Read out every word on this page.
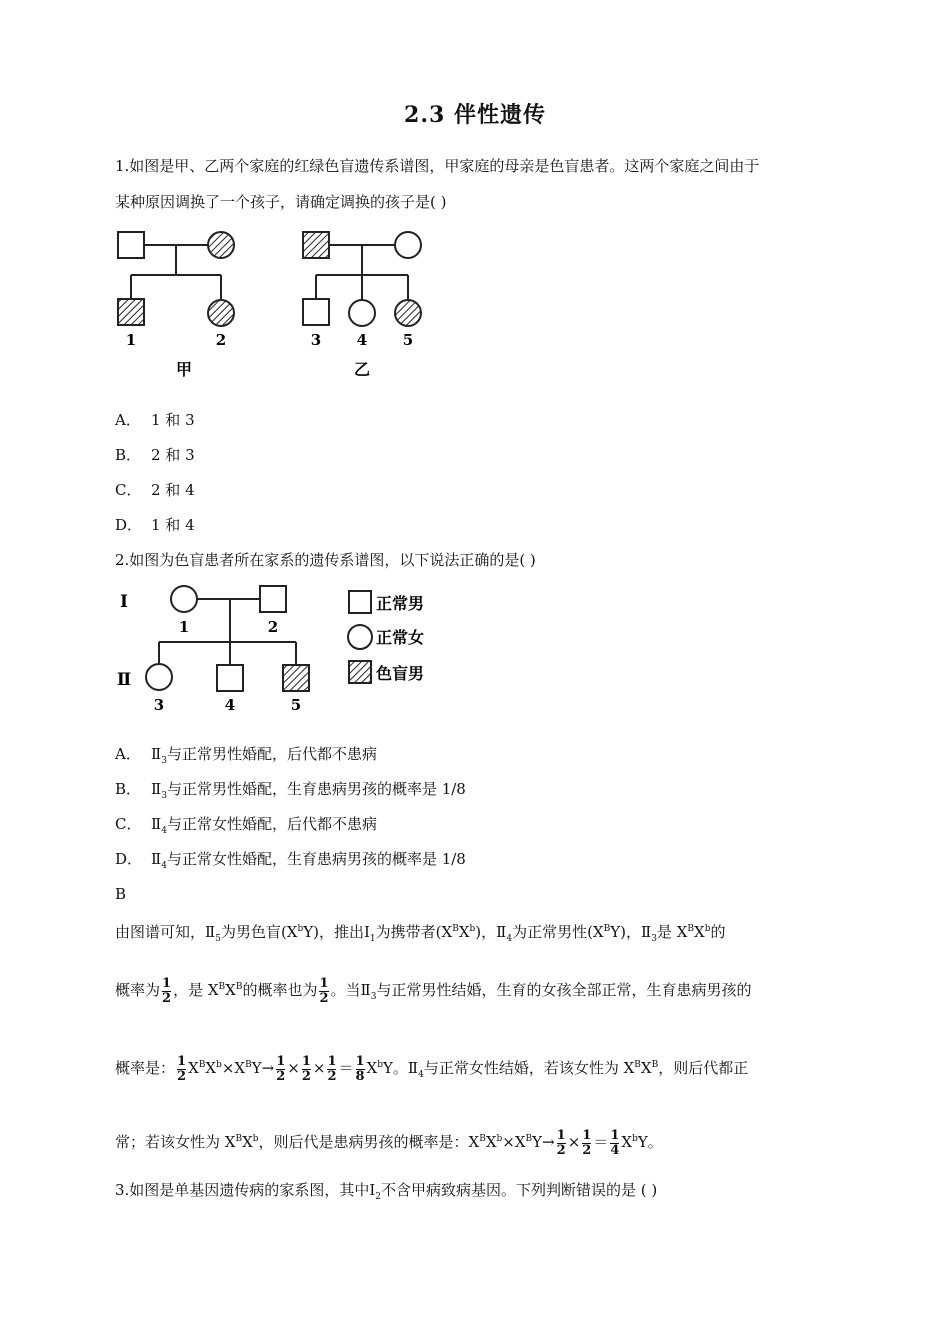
2.3 伴性遗传
1.如图是甲、乙两个家庭的红绿色盲遗传系谱图，甲家庭的母亲是色盲患者。这两个家庭之间由于
某种原因调换了一个孩子，请确定调换的孩子是( )
1	2
甲
3 4 5
乙
A． 1 和 3
B． 2 和 3
C． 2 和 4
D． 1 和 4
2.如图为色盲患者所在家系的遗传系谱图，以下说法正确的是( )
Ⅰ
1	2
Ⅱ
3	4	5
正常男
正常女
色盲男
A． $Ⅱ_3$与正常男性婚配，后代都不患病
B． $Ⅱ_3$与正常男性婚配，生育患病男孩的概率是 1/8
C． $Ⅱ_4$与正常女性婚配，后代都不患病
D． $Ⅱ_4$与正常女性婚配，生育患病男孩的概率是 1/8
B
由图谱可知，$Ⅱ_5$为男色盲$(X^bY)$，推出$Ⅰ_1$为携带者$(X^BX^b)$，$Ⅱ_4$为正常男性$(X^BY)$，$Ⅱ_3$是 $X^BX^b$的
概率为 $\frac{1}{2}$ ，是 $X^BX^B$的概率也为 $\frac{1}{2}$ 。当$Ⅱ_3$与正常男性结婚，生育的女孩全部正常，生育患病男孩的
概率是： $\frac{1}{2} X^BX^b\times X^BY\to \frac{1}{2} \times \frac{1}{2} \times \frac{1}{2} = \frac{1}{8} X^bY$。$Ⅱ_4$与正常女性结婚，若该女性为 $X^BX^B$，则后代都正
常；若该女性为 $X^BX^b$，则后代是患病男孩的概率是：$X^BX^b\times X^BY\to \frac{1}{2} \times \frac{1}{2} = \frac{1}{4} X^bY$。
3.如图是单基因遗传病的家系图，其中$Ⅰ_2$不含甲病致病基因。下列判断错误的是 ( )
